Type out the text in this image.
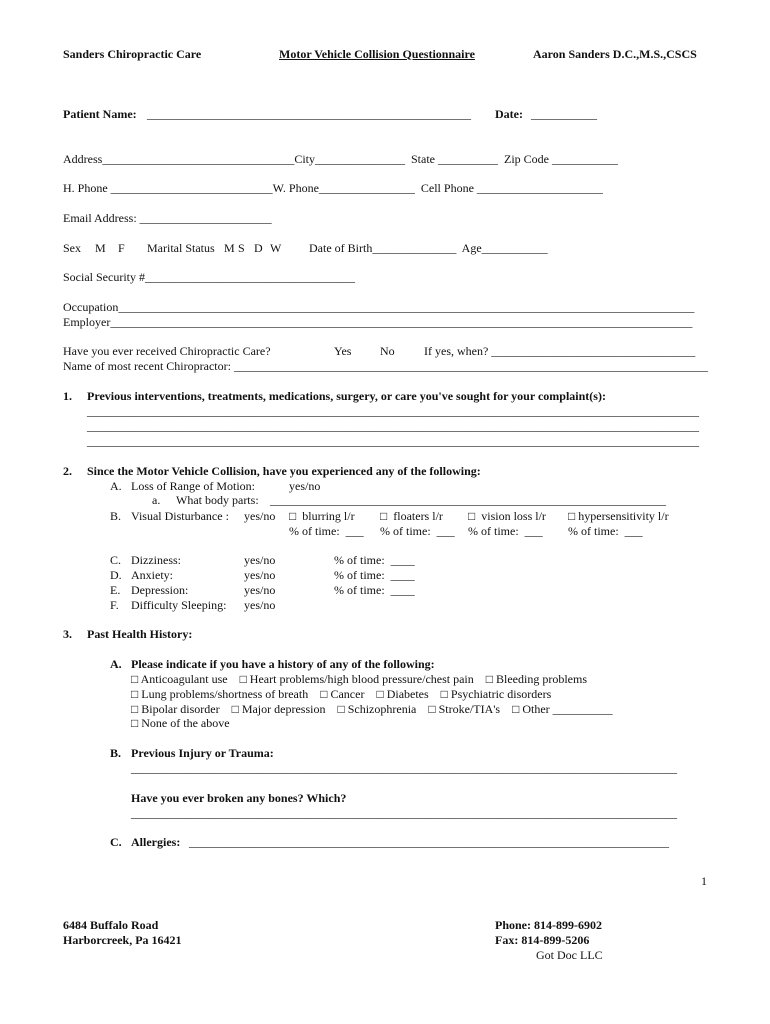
Sanders Chiropractic Care	Motor Vehicle Collision Questionnaire	Aaron Sanders D.C.,M.S.,CSCS
Patient Name: ______________________________________________________ Date: ___________
Address________________________________City_______________  State __________  Zip Code ___________
H. Phone ___________________________W. Phone________________  Cell Phone _____________________
Email Address: ______________________
Sex M F Marital Status M S D W Date of Birth______________  Age___________
Social Security #___________________________________
Occupation________________________________________________________________________________________________
Employer_________________________________________________________________________________________________
Have you ever received Chiropractic Care?	Yes No If yes, when? __________________________________
Name of most recent Chiropractor: _______________________________________________________________________________
1. Previous interventions, treatments, medications, surgery, or care you've sought for your complaint(s):
______________________________________________________________________________________________________
______________________________________________________________________________________________________
______________________________________________________________________________________________________
2. Since the Motor Vehicle Collision, have you experienced any of the following:
A. Loss of Range of Motion:	yes/no
a. What body parts: __________________________________________________________________
B. Visual Disturbance : yes/no □  blurring l/r □  floaters l/r □  vision loss l/r □ hypersensitivity l/r
% of time:  ___ % of time:  ___ % of time:  ___ % of time:  ___
C. Dizziness:	yes/no	% of time:  ____
D. Anxiety:	yes/no	% of time:  ____
E. Depression:	yes/no	% of time:  ____
F. Difficulty Sleeping: yes/no
3. Past Health History:
A. Please indicate if you have a history of any of the following:
□ Anticoagulant use    □ Heart problems/high blood pressure/chest pain    □ Bleeding problems
□ Lung problems/shortness of breath    □ Cancer    □ Diabetes    □ Psychiatric disorders
□ Bipolar disorder    □ Major depression    □ Schizophrenia    □ Stroke/TIA's    □ Other __________
□ None of the above
B. Previous Injury or Trauma:
___________________________________________________________________________________________
Have you ever broken any bones? Which?
___________________________________________________________________________________________
C. Allergies: ________________________________________________________________________________
1
6484 Buffalo Road
Harborcreek, Pa 16421
Phone: 814-899-6902
Fax: 814-899-5206
Got Doc LLC
